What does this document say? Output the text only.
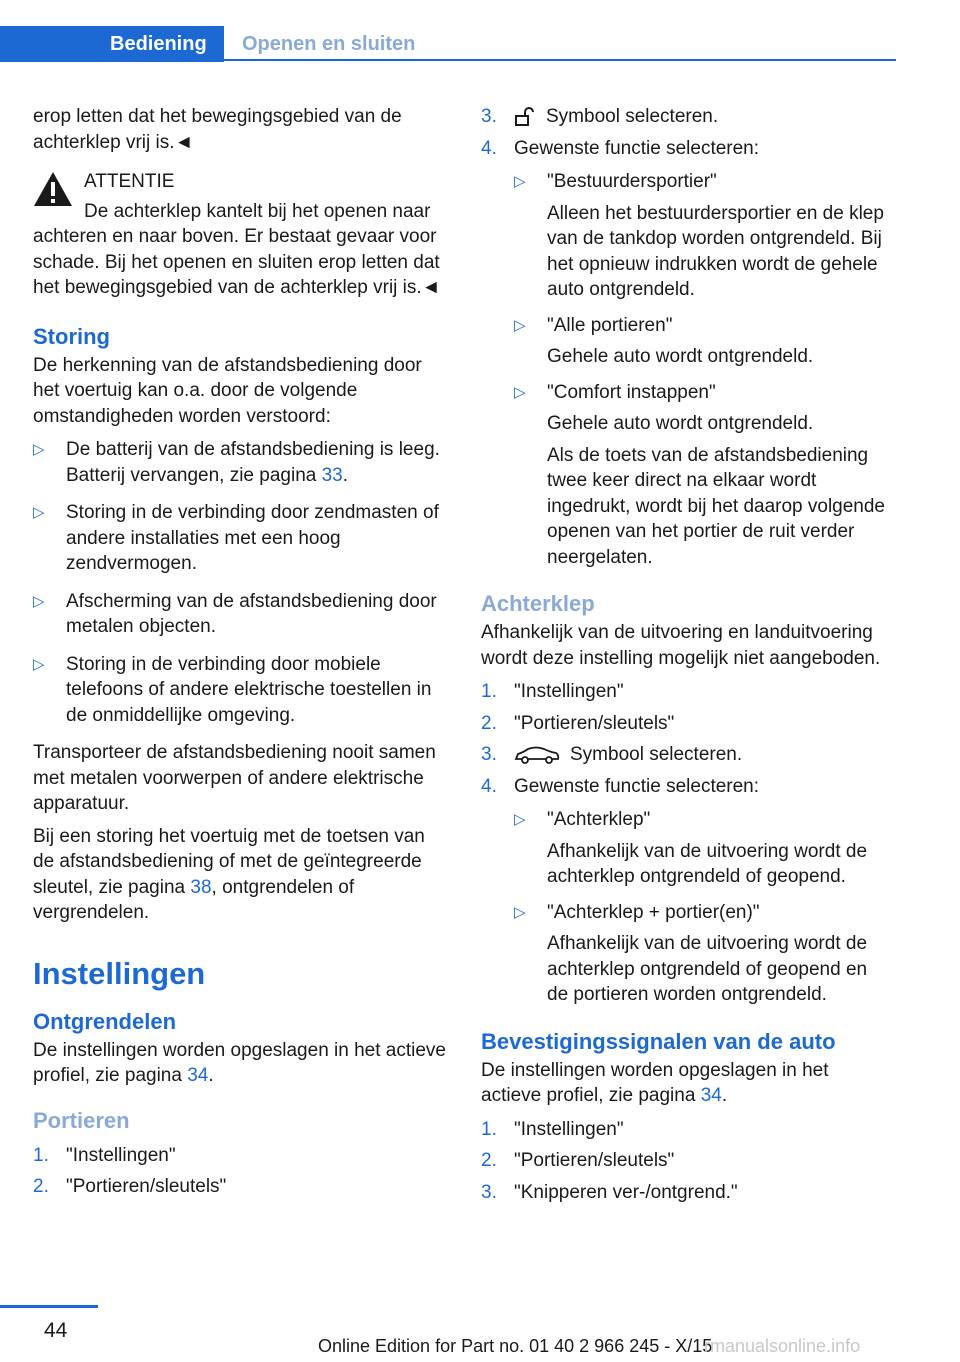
Bediening	Openen en sluiten

erop letten dat het bewegingsgebied van de achterklep vrij is.◄

ATTENTIE
De achterklep kantelt bij het openen naar
achteren en naar boven. Er bestaat gevaar voor schade. Bij het openen en sluiten erop letten dat het bewegingsgebied van de achterklep vrij is.◄
Storing

De herkenning van de afstandsbediening door het voertuig kan o.a. door de volgende omstandigheden worden verstoord:

▷ De batterij van de afstandsbediening is leeg. Batterij vervangen, zie pagina 33.
▷ Storing in de verbinding door zendmasten of andere installaties met een hoog zendvermogen.
▷ Afscherming van de afstandsbediening door metalen objecten.
▷ Storing in de verbinding door mobiele telefoons of andere elektrische toestellen in de onmiddellijke omgeving.

Transporteer de afstandsbediening nooit samen met metalen voorwerpen of andere elektrische apparatuur.

Bij een storing het voertuig met de toetsen van de afstandsbediening of met de geïntegreerde sleutel, zie pagina 38, ontgrendelen of vergrendelen.

Instellingen
Ontgrendelen

De instellingen worden opgeslagen in het actieve profiel, zie pagina 34.

Portieren
1. "Instellingen"
2. "Portieren/sleutels"
3.	Symbool selecteren.
4. Gewenste functie selecteren:
▷ "Bestuurdersportier"
Alleen het bestuurdersportier en de klep van de tankdop worden ontgrendeld. Bij het opnieuw indrukken wordt de gehele auto ontgrendeld.
▷ "Alle portieren"
Gehele auto wordt ontgrendeld.
▷ "Comfort instappen"
Gehele auto wordt ontgrendeld.
Als de toets van de afstandsbediening twee keer direct na elkaar wordt ingedrukt, wordt bij het daarop volgende openen van het portier de ruit verder neergelaten.
Achterklep

Afhankelijk van de uitvoering en landuitvoering wordt deze instelling mogelijk niet aangeboden.

1. "Instellingen"
2. "Portieren/sleutels"
3.	Symbool selecteren.
4. Gewenste functie selecteren:
▷ "Achterklep"
Afhankelijk van de uitvoering wordt de achterklep ontgrendeld of geopend.
▷ "Achterklep + portier(en)"
Afhankelijk van de uitvoering wordt de achterklep ontgrendeld of geopend en de portieren worden ontgrendeld.
Bevestigingssignalen van de auto

De instellingen worden opgeslagen in het actieve profiel, zie pagina 34.

1. "Instellingen"
2. "Portieren/sleutels"
3. "Knipperen ver-/ontgrend."
44
Online Edition for Part no. 01 40 2 966 245 - X/15
rmanualsonline.info
